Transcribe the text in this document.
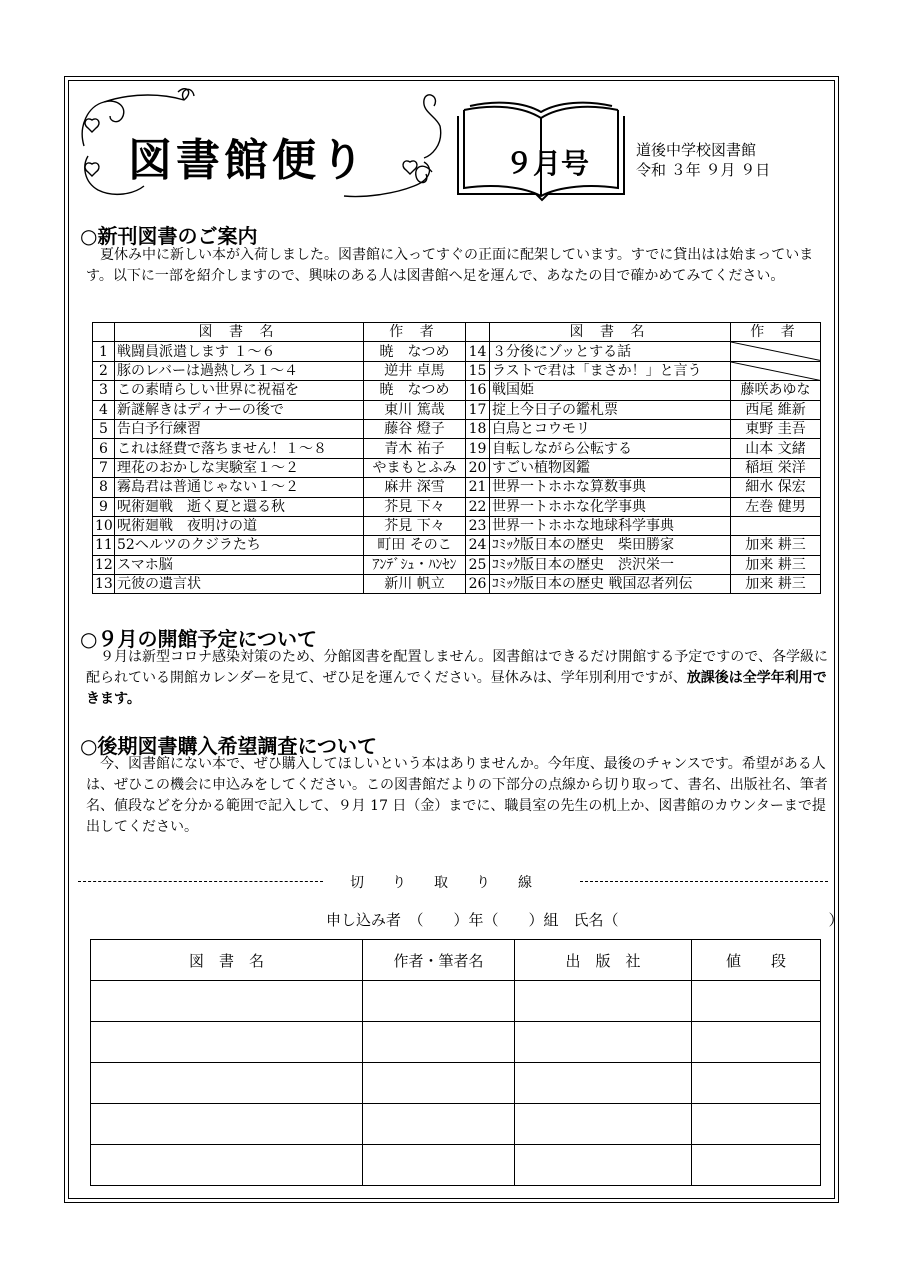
図書館便り	９月号	道後中学校図書館
令和 ３年 ９月 ９日
○新刊図書のご案内
夏休み中に新しい本が入荷しました。図書館に入ってすぐの正面に配架しています。すでに貸出はは始まっています。以下に一部を紹介しますので、興味のある人は図書館へ足を運んで、あなたの目で確かめてみてください。
	図 書 名	作 者		図 書 名	作 者
1	戦闘員派遣します １～６	暁　なつめ	14	３分後にゾッとする話	

2	豚のレバーは過熱しろ１～４	逆井 卓馬	15	ラストで君は「まさか！」と言う	

3	この素晴らしい世界に祝福を	暁　なつめ	16	戦国姫	藤咲あゆな
4	新謎解きはディナーの後で	東川 篤哉	17	掟上今日子の鑑札票	西尾 維新
5	告白予行練習	藤谷 燈子	18	白鳥とコウモリ	東野 圭吾
6	これは経費で落ちません！１～８	青木 祐子	19	自転しながら公転する	山本 文緒
7	理花のおかしな実験室１～２	やまもとふみ	20	すごい植物図鑑	稲垣 栄洋
8	霧島君は普通じゃない１～２	麻井 深雪	21	世界一トホホな算数事典	細水 保宏
9	呪術廻戦　逝く夏と還る秋	芥見 下々	22	世界一トホホな化学事典	左巻 健男
10	呪術廻戦　夜明けの道	芥見 下々	23	世界一トホホな地球科学事典	
11	52ヘルツのクジラたち	町田 そのこ	24	ｺﾐｯｸ版日本の歴史　柴田勝家	加来 耕三
12	スマホ脳	ｱﾝﾃﾞｼｭ・ﾊﾝｾﾝ	25	ｺﾐｯｸ版日本の歴史　渋沢栄一	加来 耕三
13	元彼の遺言状	新川 帆立	26	ｺﾐｯｸ版日本の歴史 戦国忍者列伝	加来 耕三
○９月の開館予定について
９月は新型コロナ感染対策のため、分館図書を配置しません。図書館はできるだけ開館する予定ですので、各学級に配られている開館カレンダーを見て、ぜひ足を運んでください。昼休みは、学年別利用ですが、放課後は全学年利用できます。
○後期図書購入希望調査について
今、図書館にない本で、ぜひ購入してほしいという本はありませんか。今年度、最後のチャンスです。希望がある人は、ぜひこの機会に申込みをしてください。この図書館だよりの下部分の点線から切り取って、書名、出版社名、筆者名、値段などを分かる範囲で記入して、９月 17 日（金）までに、職員室の先生の机上か、図書館のカウンターまで提出してください。
切　　り　　取　　り　　線
申し込み者　（　　）年（　　）組　氏名（　　　　　　　　　　　　　　）
図　書　名	作者・筆者名	出　版　社	値　　段
